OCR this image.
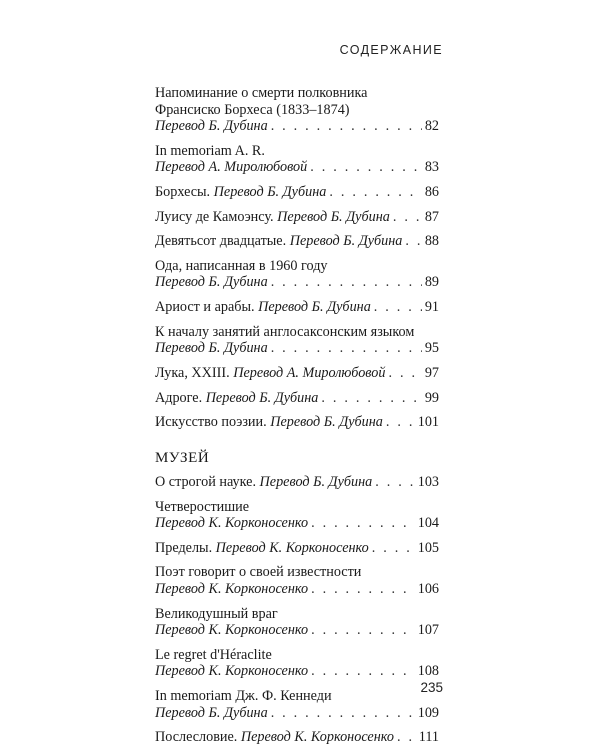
СОДЕРЖАНИЕ
Напоминание о смерти полковника
Франсиско Борхеса (1833–1874)
Перевод Б. Дубина . . .	82
In memoriam A. R.
Перевод А. Миролюбовой . . .	83
Борхесы. Перевод Б. Дубина . . .	86
Луису де Камоэнсу. Перевод Б. Дубина . . . 87
Девятьсот двадцатые. Перевод Б. Дубина . . . 88
Ода, написанная в 1960 году
Перевод Б. Дубина . . .	89
Ариост и арабы. Перевод Б. Дубина . . .	91
К началу занятий англосаксонским языком
Перевод Б. Дубина . . .	95
Лука, XXIII. Перевод А. Миролюбовой . . .	97
Адроге. Перевод Б. Дубина . . .	99
Искусство поэзии. Перевод Б. Дубина . . . 101
МУЗЕЙ
О строгой науке. Перевод Б. Дубина . . .	103
Четверостишие
Перевод К. Корконосенко . . .	104
Пределы. Перевод К. Корконосенко . . .	105
Поэт говорит о своей известности
Перевод К. Корконосенко . . .	106
Великодушный враг
Перевод К. Корконосенко . . .	107
Le regret d'Héraclite
Перевод К. Корконосенко . . .	108
In memoriam Дж. Ф. Кеннеди
Перевод Б. Дубина . . .	109
Послесловие. Перевод К. Корконосенко . . . 111
235
